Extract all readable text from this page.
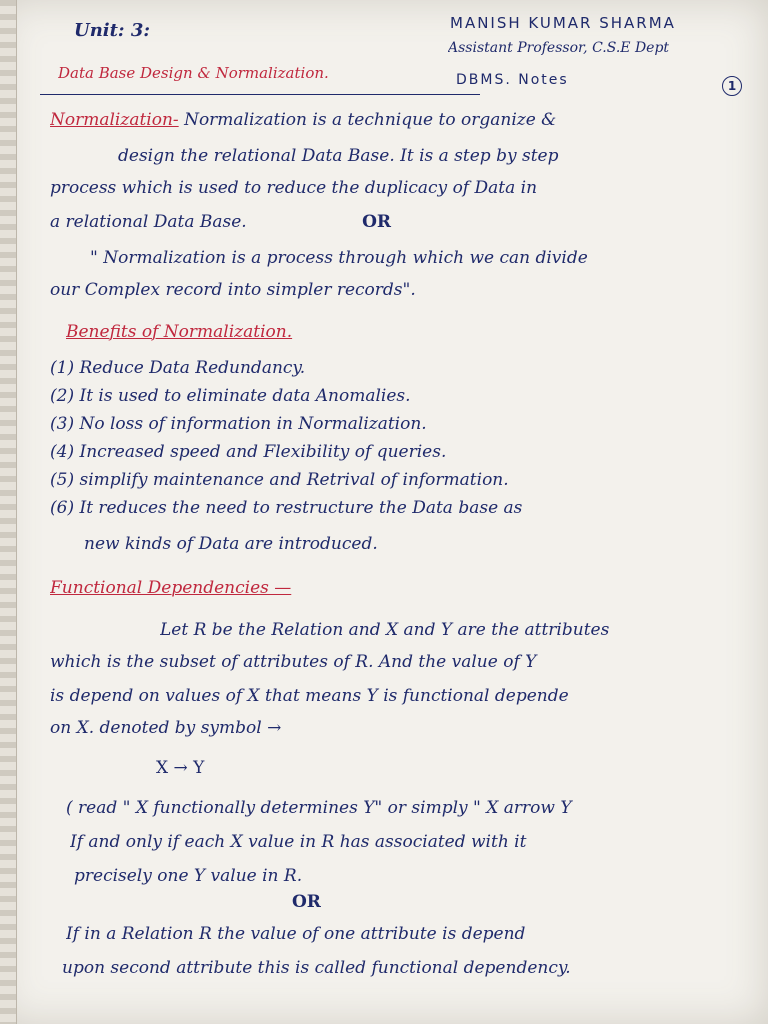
Unit: 3:	MANISH KUMAR SHARMA
Assistant Professor, C.S.E Dept
Data Base Design & Normalization.	DBMS. Notes	1
Normalization- Normalization is a technique to organize &
design the relational Data Base. It is a step by step
process which is used to reduce the duplicacy of Data in
a relational Data Base.	OR
" Normalization is a process through which we can divide
our Complex record into simpler records".
Benefits of Normalization.
(1) Reduce Data Redundancy.
(2) It is used to eliminate data Anomalies.
(3) No loss of information in Normalization.
(4) Increased speed and Flexibility of queries.
(5) simplify maintenance and Retrival of information.
(6) It reduces the need to restructure the Data base as
new kinds of Data are introduced.
Functional Dependencies —
Let R be the Relation and X and Y are the attributes
which is the subset of attributes of R. And the value of Y
is depend on values of X that means Y is functional depende
on X. denoted by symbol →
X → Y
( read " X functionally determines Y" or simply " X arrow Y
If and only if each X value in R has associated with it
precisely one Y value in R.
OR
If in a Relation R the value of one attribute is depend
upon second attribute this is called functional dependency.
